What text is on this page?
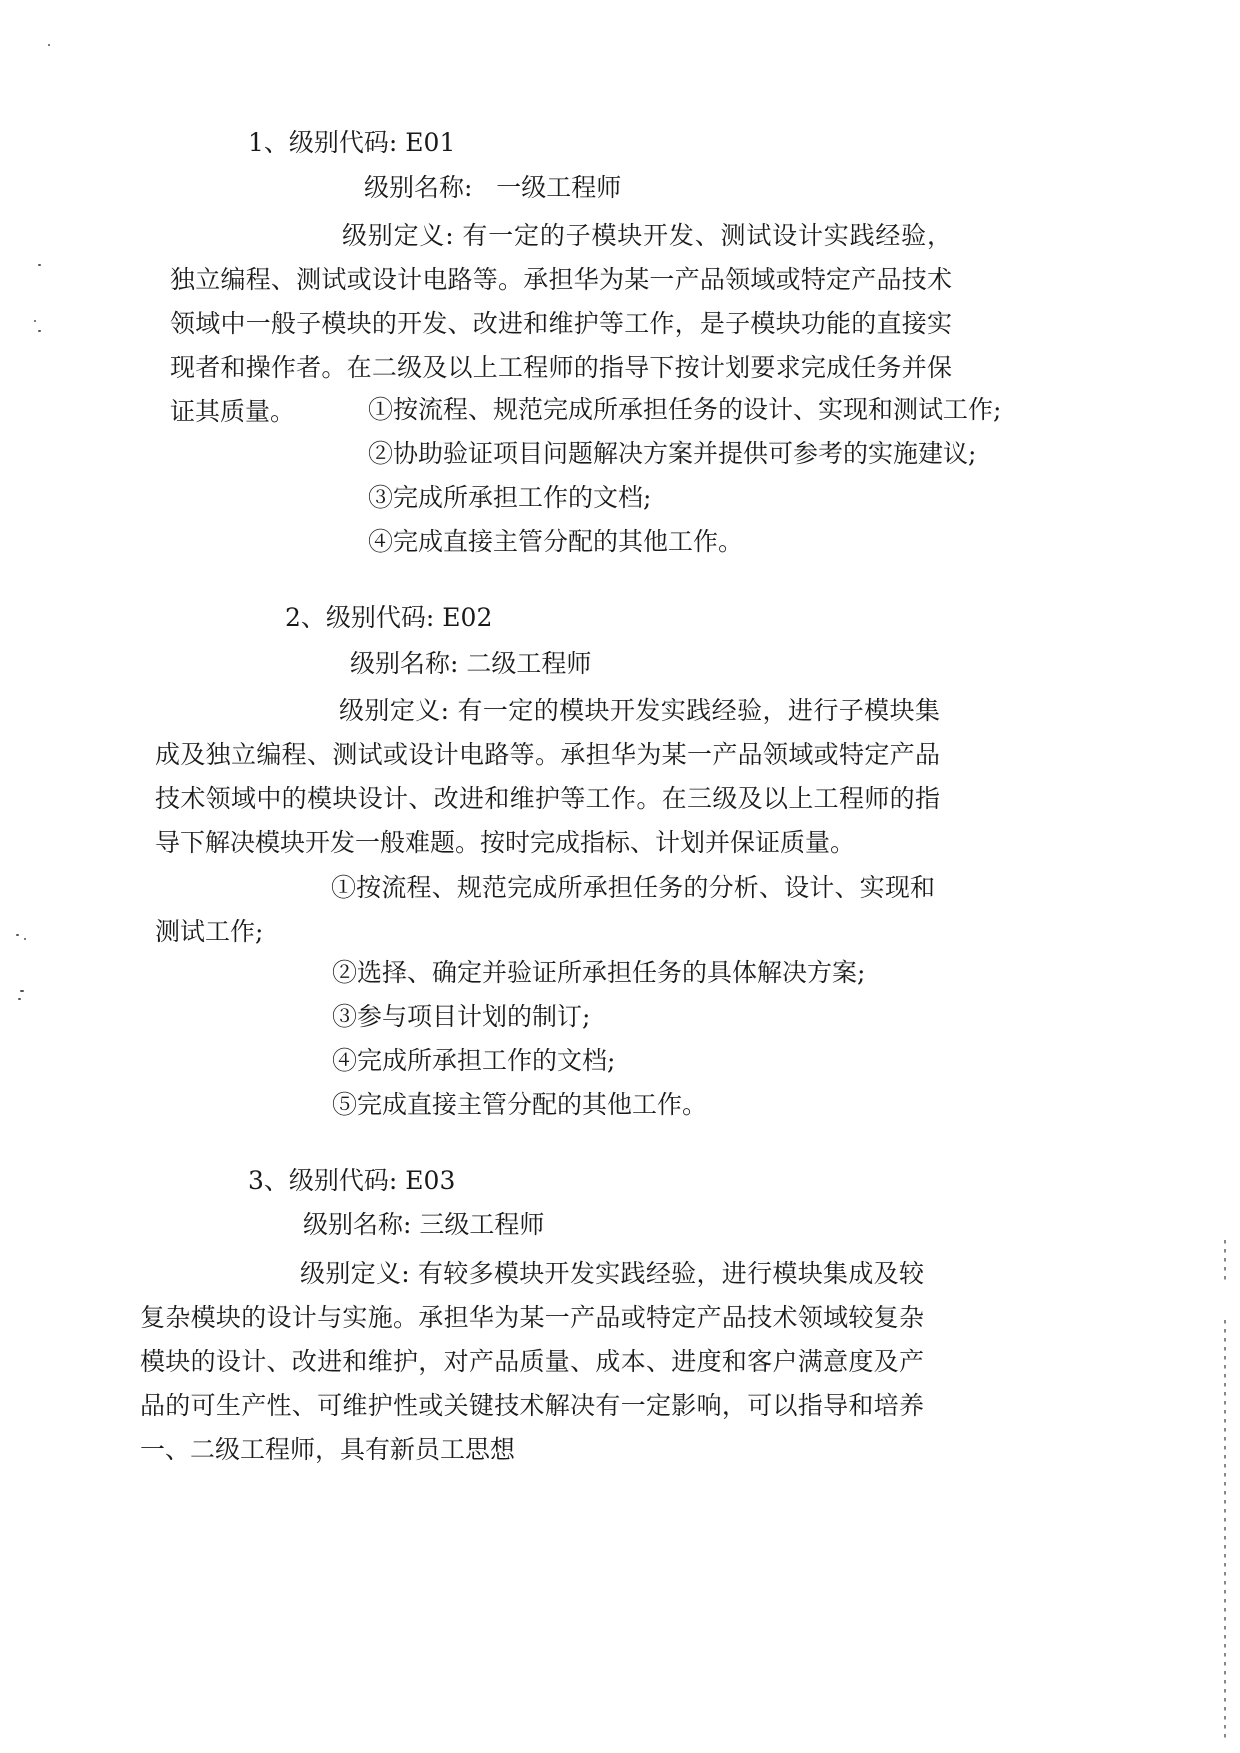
1、级别代码: E01
级别名称: 一级工程师
级别定义: 有一定的子模块开发、测试设计实践经验，独立编程、测试或设计电路等。承担华为某一产品领域或特定产品技术领域中一般子模块的开发、改进和维护等工作，是子模块功能的直接实现者和操作者。在二级及以上工程师的指导下按计划要求完成任务并保证其质量。	①按流程、规范完成所承担任务的设计、实现和测试工作;
②协助验证项目问题解决方案并提供可参考的实施建议;
③完成所承担工作的文档;
④完成直接主管分配的其他工作。
2、级别代码: E02
级别名称: 二级工程师
级别定义: 有一定的模块开发实践经验，进行子模块集成及独立编程、测试或设计电路等。承担华为某一产品领域或特定产品技术领域中的模块设计、改进和维护等工作。在三级及以上工程师的指导下解决模块开发一般难题。按时完成指标、计划并保证质量。
①按流程、规范完成所承担任务的分析、设计、实现和测试工作;
②选择、确定并验证所承担任务的具体解决方案;
③参与项目计划的制订;
④完成所承担工作的文档;
⑤完成直接主管分配的其他工作。
3、级别代码: E03
级别名称: 三级工程师
级别定义: 有较多模块开发实践经验，进行模块集成及较复杂模块的设计与实施。承担华为某一产品或特定产品技术领域较复杂模块的设计、改进和维护，对产品质量、成本、进度和客户满意度及产品的可生产性、可维护性或关键技术解决有一定影响，可以指导和培养一、二级工程师，具有新员工思想
